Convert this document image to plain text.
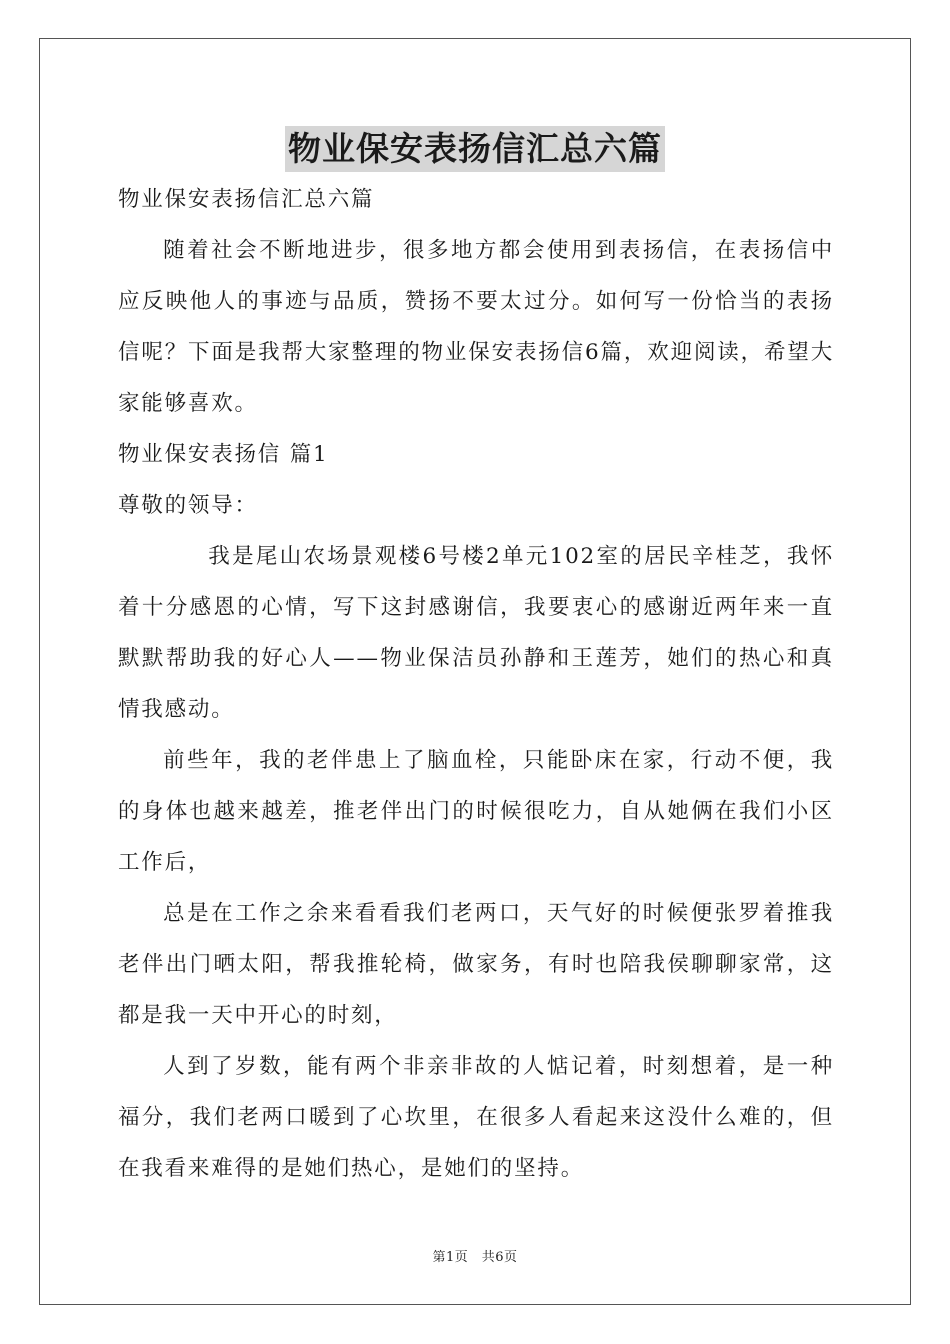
物业保安表扬信汇总六篇

物业保安表扬信汇总六篇

随着社会不断地进步，很多地方都会使用到表扬信，在表扬信中应反映他人的事迹与品质，赞扬不要太过分。如何写一份恰当的表扬信呢？下面是我帮大家整理的物业保安表扬信6篇，欢迎阅读，希望大家能够喜欢。

物业保安表扬信 篇1

尊敬的领导：

我是尾山农场景观楼6号楼2单元102室的居民辛桂芝，我怀着十分感恩的心情，写下这封感谢信，我要衷心的感谢近两年来一直默默帮助我的好心人——物业保洁员孙静和王莲芳，她们的热心和真情我感动。

前些年，我的老伴患上了脑血栓，只能卧床在家，行动不便，我的身体也越来越差，推老伴出门的时候很吃力，自从她俩在我们小区工作后，

总是在工作之余来看看我们老两口，天气好的时候便张罗着推我老伴出门晒太阳，帮我推轮椅，做家务，有时也陪我侯聊聊家常，这都是我一天中开心的时刻，

人到了岁数，能有两个非亲非故的人惦记着，时刻想着，是一种福分，我们老两口暖到了心坎里，在很多人看起来这没什么难的，但在我看来难得的是她们热心，是她们的坚持。

第1页　共6页
